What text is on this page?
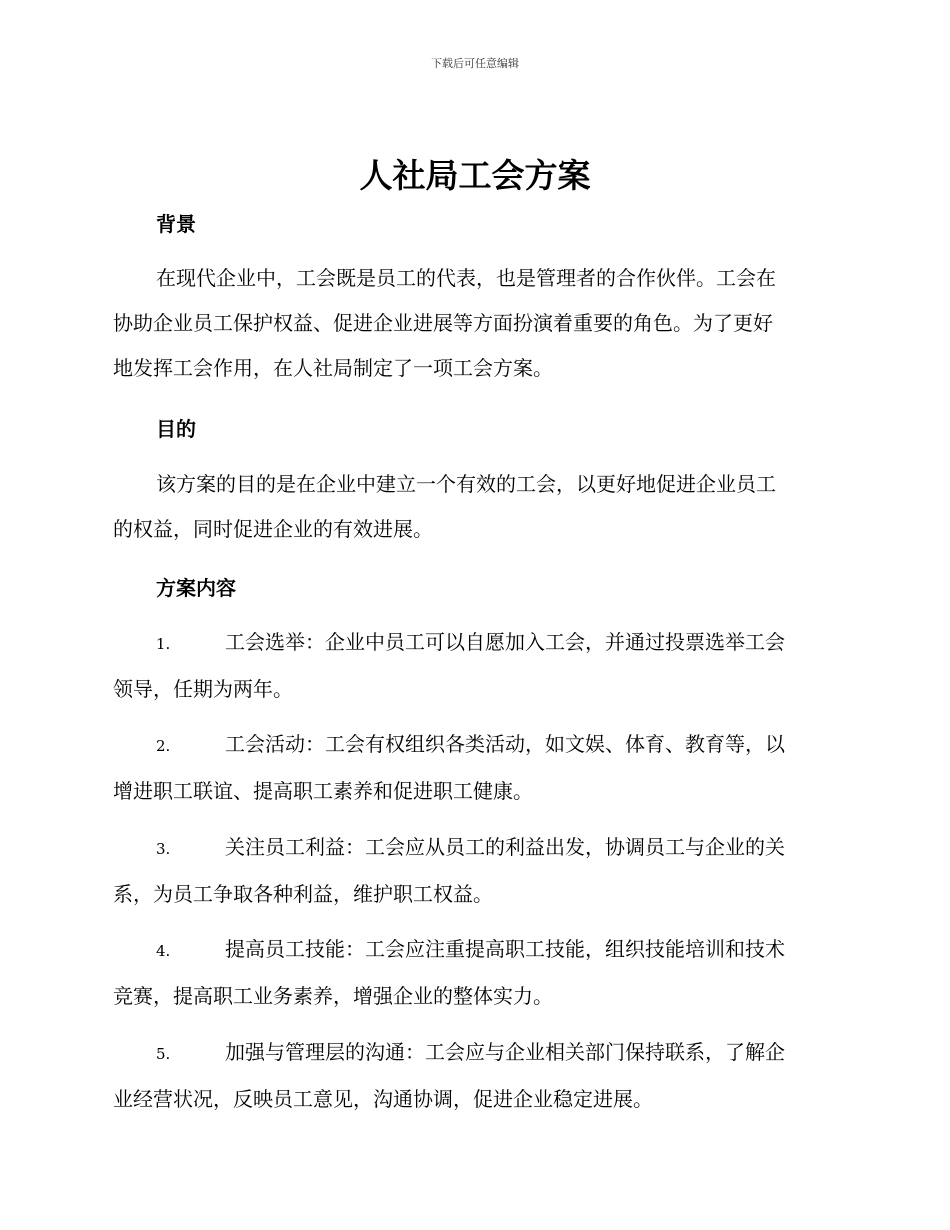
下载后可任意编辑
人社局工会方案
背景
在现代企业中，工会既是员工的代表，也是管理者的合作伙伴。工会在
协助企业员工保护权益、促进企业进展等方面扮演着重要的角色。为了更好
地发挥工会作用，在人社局制定了一项工会方案。
目的
该方案的目的是在企业中建立一个有效的工会，以更好地促进企业员工
的权益，同时促进企业的有效进展。
方案内容
1.	工会选举：企业中员工可以自愿加入工会，并通过投票选举工会
领导，任期为两年。
2.	工会活动：工会有权组织各类活动，如文娱、体育、教育等，以
增进职工联谊、提高职工素养和促进职工健康。
3.	关注员工利益：工会应从员工的利益出发，协调员工与企业的关
系，为员工争取各种利益，维护职工权益。
4.	提高员工技能：工会应注重提高职工技能，组织技能培训和技术
竞赛，提高职工业务素养，增强企业的整体实力。
5.	加强与管理层的沟通：工会应与企业相关部门保持联系，了解企
业经营状况，反映员工意见，沟通协调，促进企业稳定进展。
